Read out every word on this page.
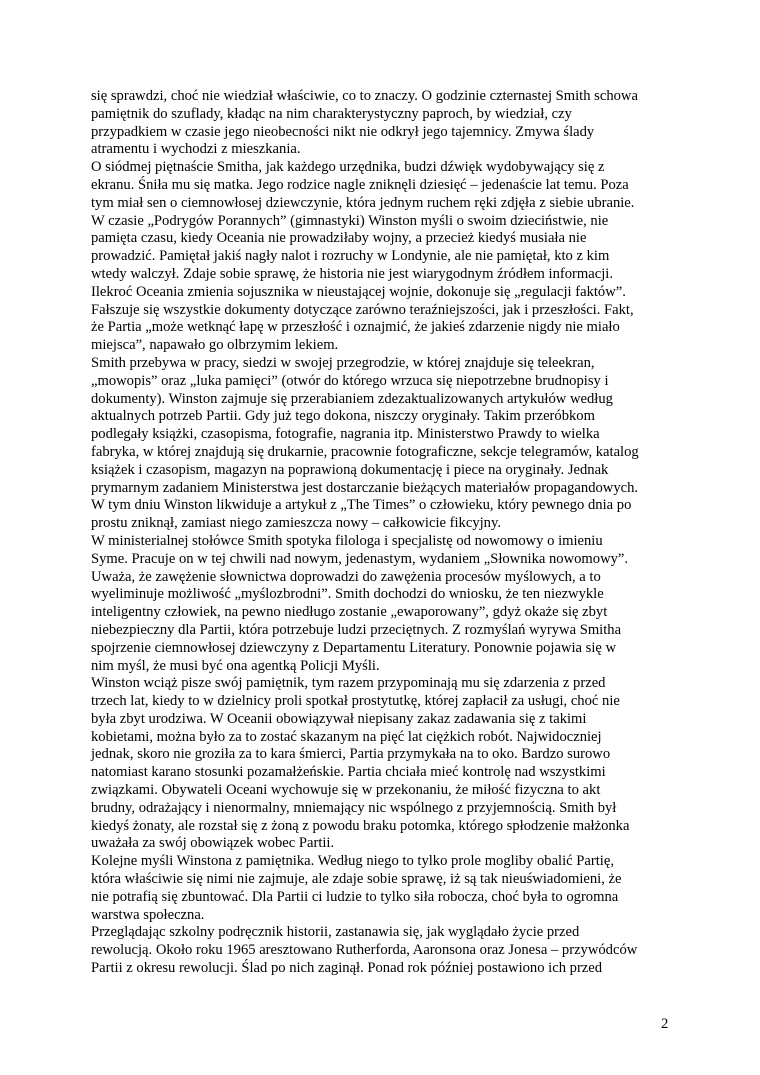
się sprawdzi, choć nie wiedział właściwie, co to znaczy. O godzinie czternastej Smith schowa
pamiętnik do szuflady, kładąc na nim charakterystyczny paproch, by wiedział, czy
przypadkiem w czasie jego nieobecności nikt nie odkrył jego tajemnicy. Zmywa ślady
atramentu i wychodzi z mieszkania.
O siódmej piętnaście Smitha, jak każdego urzędnika, budzi dźwięk wydobywający się z
ekranu. Śniła mu się matka. Jego rodzice nagle zniknęli dziesięć – jedenaście lat temu. Poza
tym miał sen o ciemnowłosej dziewczynie, która jednym ruchem ręki zdjęła z siebie ubranie.
W czasie „Podrygów Porannych” (gimnastyki) Winston myśli o swoim dzieciństwie, nie
pamięta czasu, kiedy Oceania nie prowadziłaby wojny, a przecież kiedyś musiała nie
prowadzić. Pamiętał jakiś nagły nalot i rozruchy w Londynie, ale nie pamiętał, kto z kim
wtedy walczył. Zdaje sobie sprawę, że historia nie jest wiarygodnym źródłem informacji.
Ilekroć Oceania zmienia sojusznika w nieustającej wojnie, dokonuje się „regulacji faktów”.
Fałszuje się wszystkie dokumenty dotyczące zarówno teraźniejszości, jak i przeszłości. Fakt,
że Partia „może wetknąć łapę w przeszłość i oznajmić, że jakieś zdarzenie nigdy nie miało
miejsca”, napawało go olbrzymim lekiem.
Smith przebywa w pracy, siedzi w swojej przegrodzie, w której znajduje się teleekran,
„mowopis” oraz „luka pamięci” (otwór do którego wrzuca się niepotrzebne brudnopisy i
dokumenty). Winston zajmuje się przerabianiem zdezaktualizowanych artykułów według
aktualnych potrzeb Partii. Gdy już tego dokona, niszczy oryginały. Takim przeróbkom
podlegały książki, czasopisma, fotografie, nagrania itp. Ministerstwo Prawdy to wielka
fabryka, w której znajdują się drukarnie, pracownie fotograficzne, sekcje telegramów, katalog
książek i czasopism, magazyn na poprawioną dokumentację i piece na oryginały. Jednak
prymarnym zadaniem Ministerstwa jest dostarczanie bieżących materiałów propagandowych.
W tym dniu Winston likwiduje a artykuł z „The Times” o człowieku, który pewnego dnia po
prostu zniknął, zamiast niego zamieszcza nowy – całkowicie fikcyjny.
W ministerialnej stołówce Smith spotyka filologa i specjalistę od nowomowy o imieniu
Syme. Pracuje on w tej chwili nad nowym, jedenastym, wydaniem „Słownika nowomowy”.
Uważa, że zawężenie słownictwa doprowadzi do zawężenia procesów myślowych, a to
wyeliminuje możliwość „myślozbrodni”. Smith dochodzi do wniosku, że ten niezwykle
inteligentny człowiek, na pewno niedługo zostanie „ewaporowany”, gdyż okaże się zbyt
niebezpieczny dla Partii, która potrzebuje ludzi przeciętnych. Z rozmyślań wyrywa Smitha
spojrzenie ciemnowłosej dziewczyny z Departamentu Literatury. Ponownie pojawia się w
nim myśl, że musi być ona agentką Policji Myśli.
Winston wciąż pisze swój pamiętnik, tym razem przypominają mu się zdarzenia z przed
trzech lat, kiedy to w dzielnicy proli spotkał prostytutkę, której zapłacił za usługi, choć nie
była zbyt urodziwa. W Oceanii obowiązywał niepisany zakaz zadawania się z takimi
kobietami, można było za to zostać skazanym na pięć lat ciężkich robót. Najwidoczniej
jednak, skoro nie groziła za to kara śmierci, Partia przymykała na to oko. Bardzo surowo
natomiast karano stosunki pozamałżeńskie. Partia chciała mieć kontrolę nad wszystkimi
związkami. Obywateli Oceani wychowuje się w przekonaniu, że miłość fizyczna to akt
brudny, odrażający i nienormalny, mniemający nic wspólnego z przyjemnością. Smith był
kiedyś żonaty, ale rozstał się z żoną z powodu braku potomka, którego spłodzenie małżonka
uważała za swój obowiązek wobec Partii.
Kolejne myśli Winstona z pamiętnika. Według niego to tylko prole mogliby obalić Partię,
która właściwie się nimi nie zajmuje, ale zdaje sobie sprawę, iż są tak nieuświadomieni, że
nie potrafią się zbuntować. Dla Partii ci ludzie to tylko siła robocza, choć była to ogromna
warstwa społeczna.
Przeglądając szkolny podręcznik historii, zastanawia się, jak wyglądało życie przed
rewolucją. Około roku 1965 aresztowano Rutherforda, Aaronsona oraz Jonesa – przywódców
Partii z okresu rewolucji. Ślad po nich zaginął. Ponad rok później postawiono ich przed
2
